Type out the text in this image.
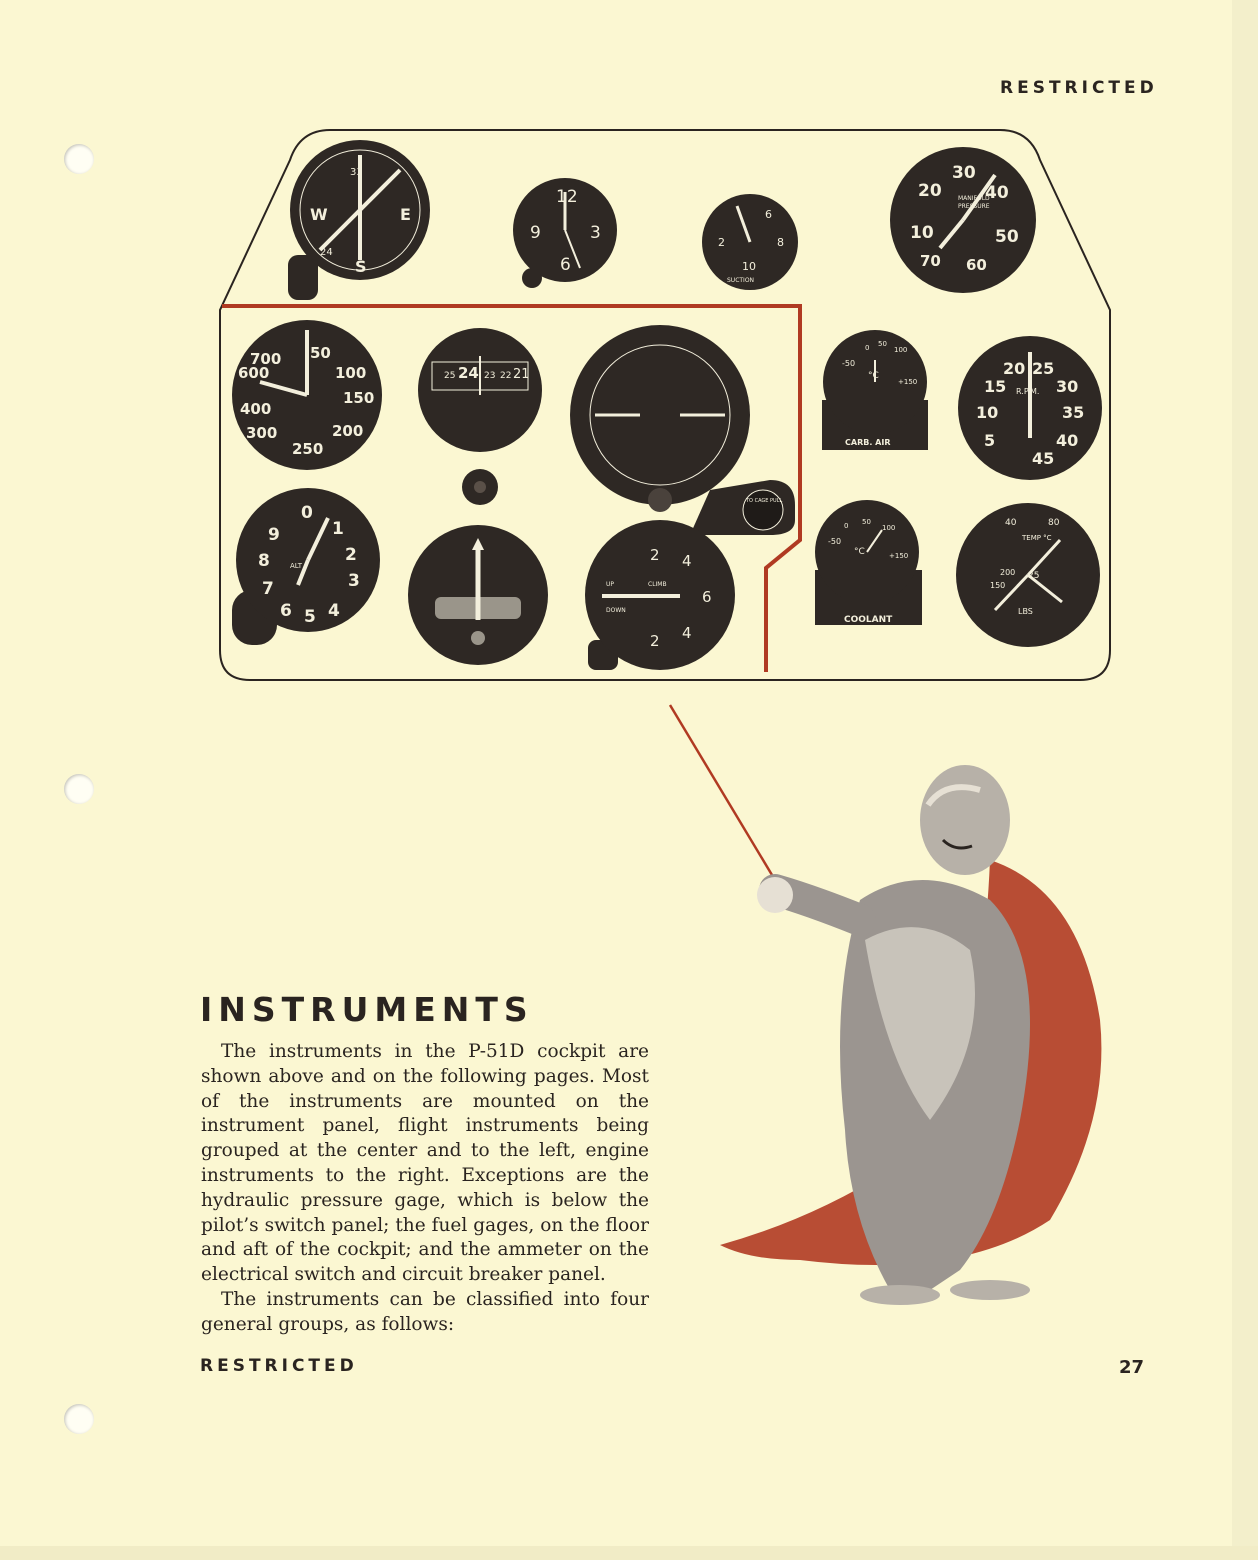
RESTRICTED
W	E
S
33
24
12
9	3
6
2
6
8
10
SUCTION
30
20	40
10	50
70 60
MANIFOLD
PRESSURE
700 50
600	100
150
400
300	200
250
25 24 23 22 21
TO CAGE PULL
0 50
100
-50
°C
+150
CARB. AIR
20 25
30
15
35
10
40
5
45
R.P.M.
0
9	1
8	2
7	3
6 5 4
ALT
2 4
6
2 4
CLIMB
DOWN
UP
0 50
100
-50
°C	+150
COOLANT
40	80
TEMP °C
25
200
150
LBS
INSTRUMENTS

The instruments in the P-51D cockpit are shown above and on the following pages. Most of the instruments are mounted on the instrument panel, flight instruments being grouped at the center and to the left, engine instruments to the right. Exceptions are the hydraulic pressure gage, which is below the pilot’s switch panel; the fuel gages, on the floor and aft of the cockpit; and the ammeter on the electrical switch and circuit breaker panel.

The instruments can be classified into four general groups, as follows:

RESTRICTED	27
